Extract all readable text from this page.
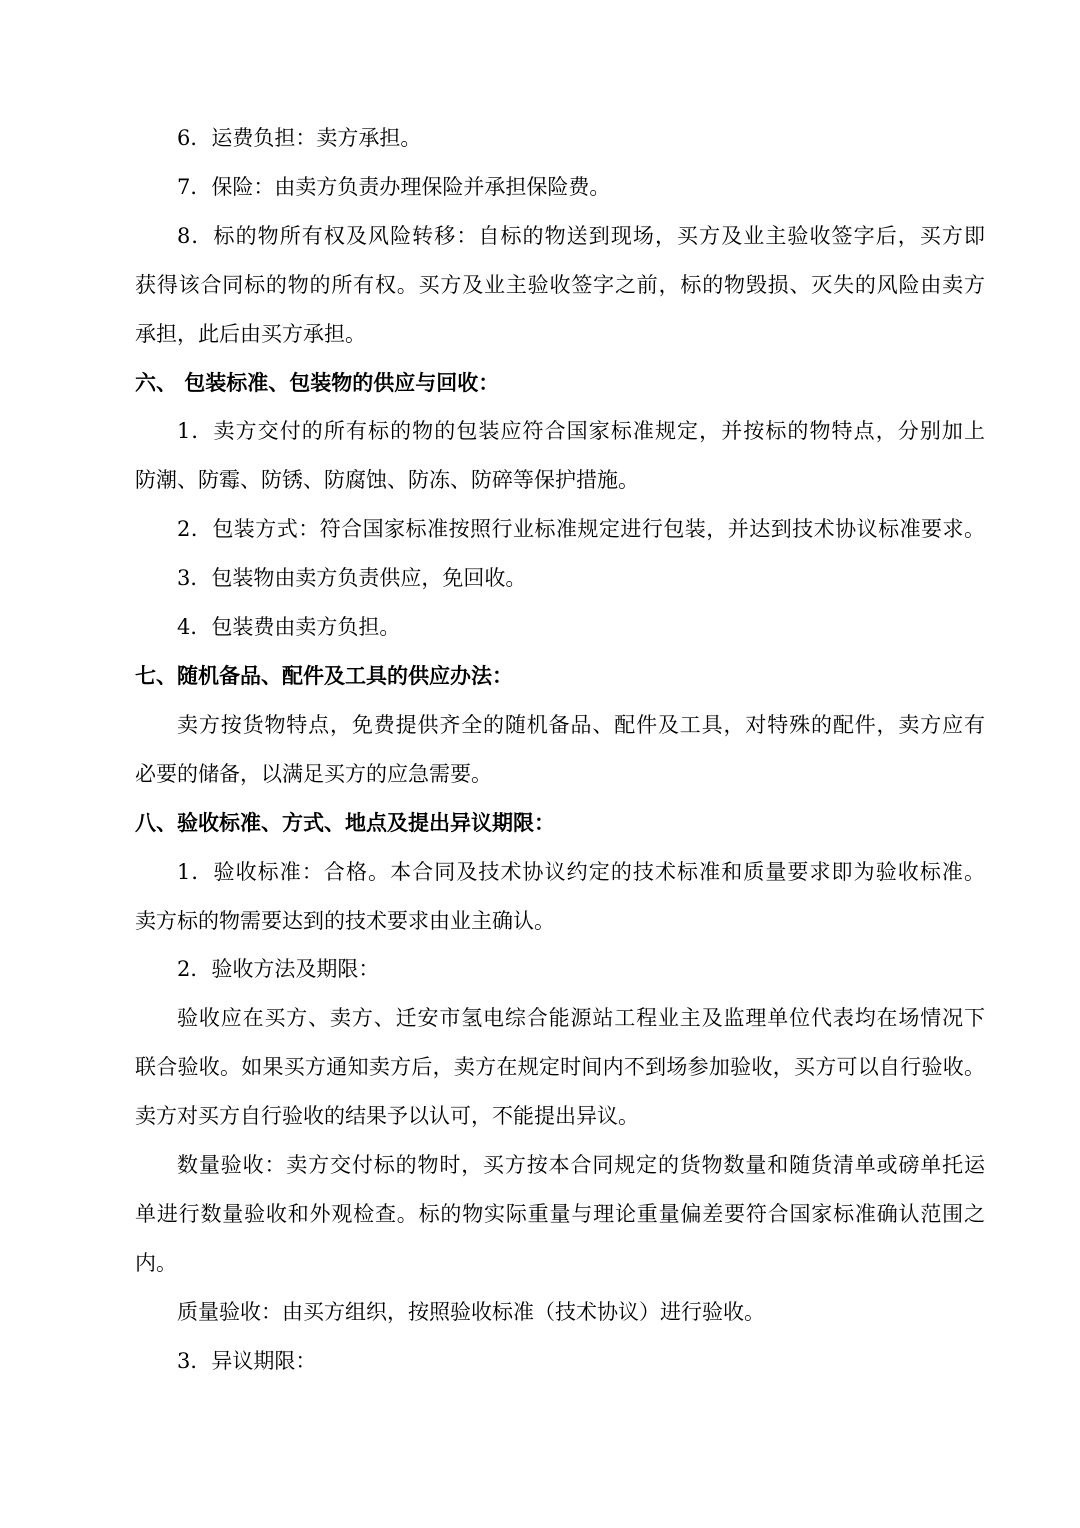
6．运费负担：卖方承担。
7．保险：由卖方负责办理保险并承担保险费。
8．标的物所有权及风险转移：自标的物送到现场，买方及业主验收签字后，买方即
获得该合同标的物的所有权。买方及业主验收签字之前，标的物毁损、灭失的风险由卖方
承担，此后由买方承担。
六、 包装标准、包装物的供应与回收：
1．卖方交付的所有标的物的包装应符合国家标准规定，并按标的物特点，分别加上
防潮、防霉、防锈、防腐蚀、防冻、防碎等保护措施。
2．包装方式：符合国家标准按照行业标准规定进行包装，并达到技术协议标准要求。
3．包装物由卖方负责供应，免回收。
4．包装费由卖方负担。
七、随机备品、配件及工具的供应办法：
卖方按货物特点，免费提供齐全的随机备品、配件及工具，对特殊的配件，卖方应有
必要的储备，以满足买方的应急需要。
八、验收标准、方式、地点及提出异议期限：
1．验收标准：合格。本合同及技术协议约定的技术标准和质量要求即为验收标准。
卖方标的物需要达到的技术要求由业主确认。
2．验收方法及期限：
验收应在买方、卖方、迁安市氢电综合能源站工程业主及监理单位代表均在场情况下
联合验收。如果买方通知卖方后，卖方在规定时间内不到场参加验收，买方可以自行验收。
卖方对买方自行验收的结果予以认可，不能提出异议。
数量验收：卖方交付标的物时，买方按本合同规定的货物数量和随货清单或磅单托运
单进行数量验收和外观检查。标的物实际重量与理论重量偏差要符合国家标准确认范围之
内。
质量验收：由买方组织，按照验收标准（技术协议）进行验收。
3．异议期限：
